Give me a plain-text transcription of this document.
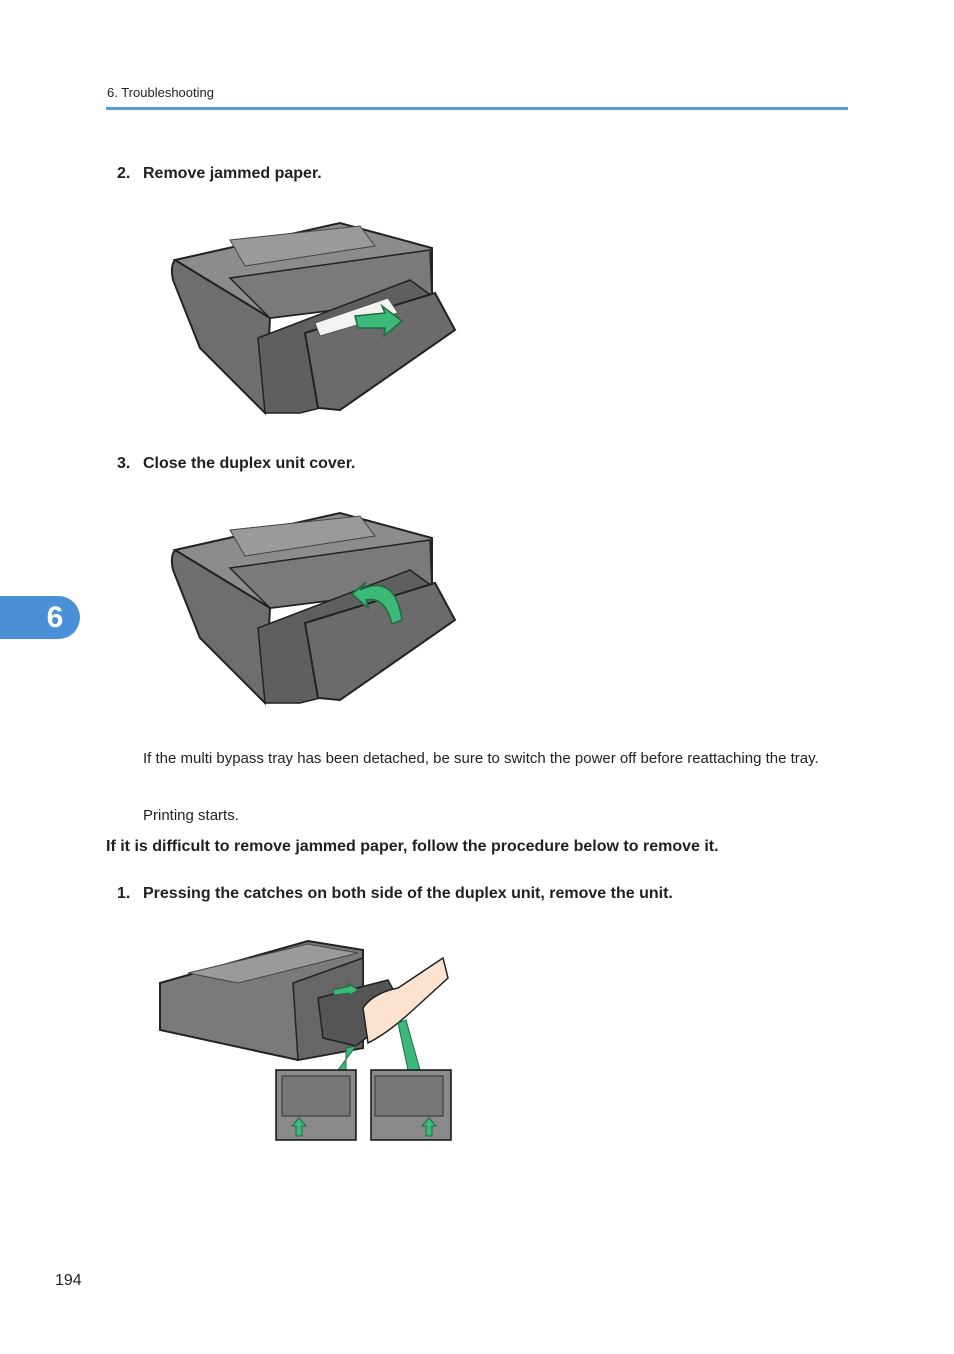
6. Troubleshooting
2. Remove jammed paper.
3. Close the duplex unit cover.
If the multi bypass tray has been detached, be sure to switch the power off before reattaching the tray.
Printing starts.
If it is difficult to remove jammed paper, follow the procedure below to remove it.
1. Pressing the catches on both side of the duplex unit, remove the unit.
6
194
